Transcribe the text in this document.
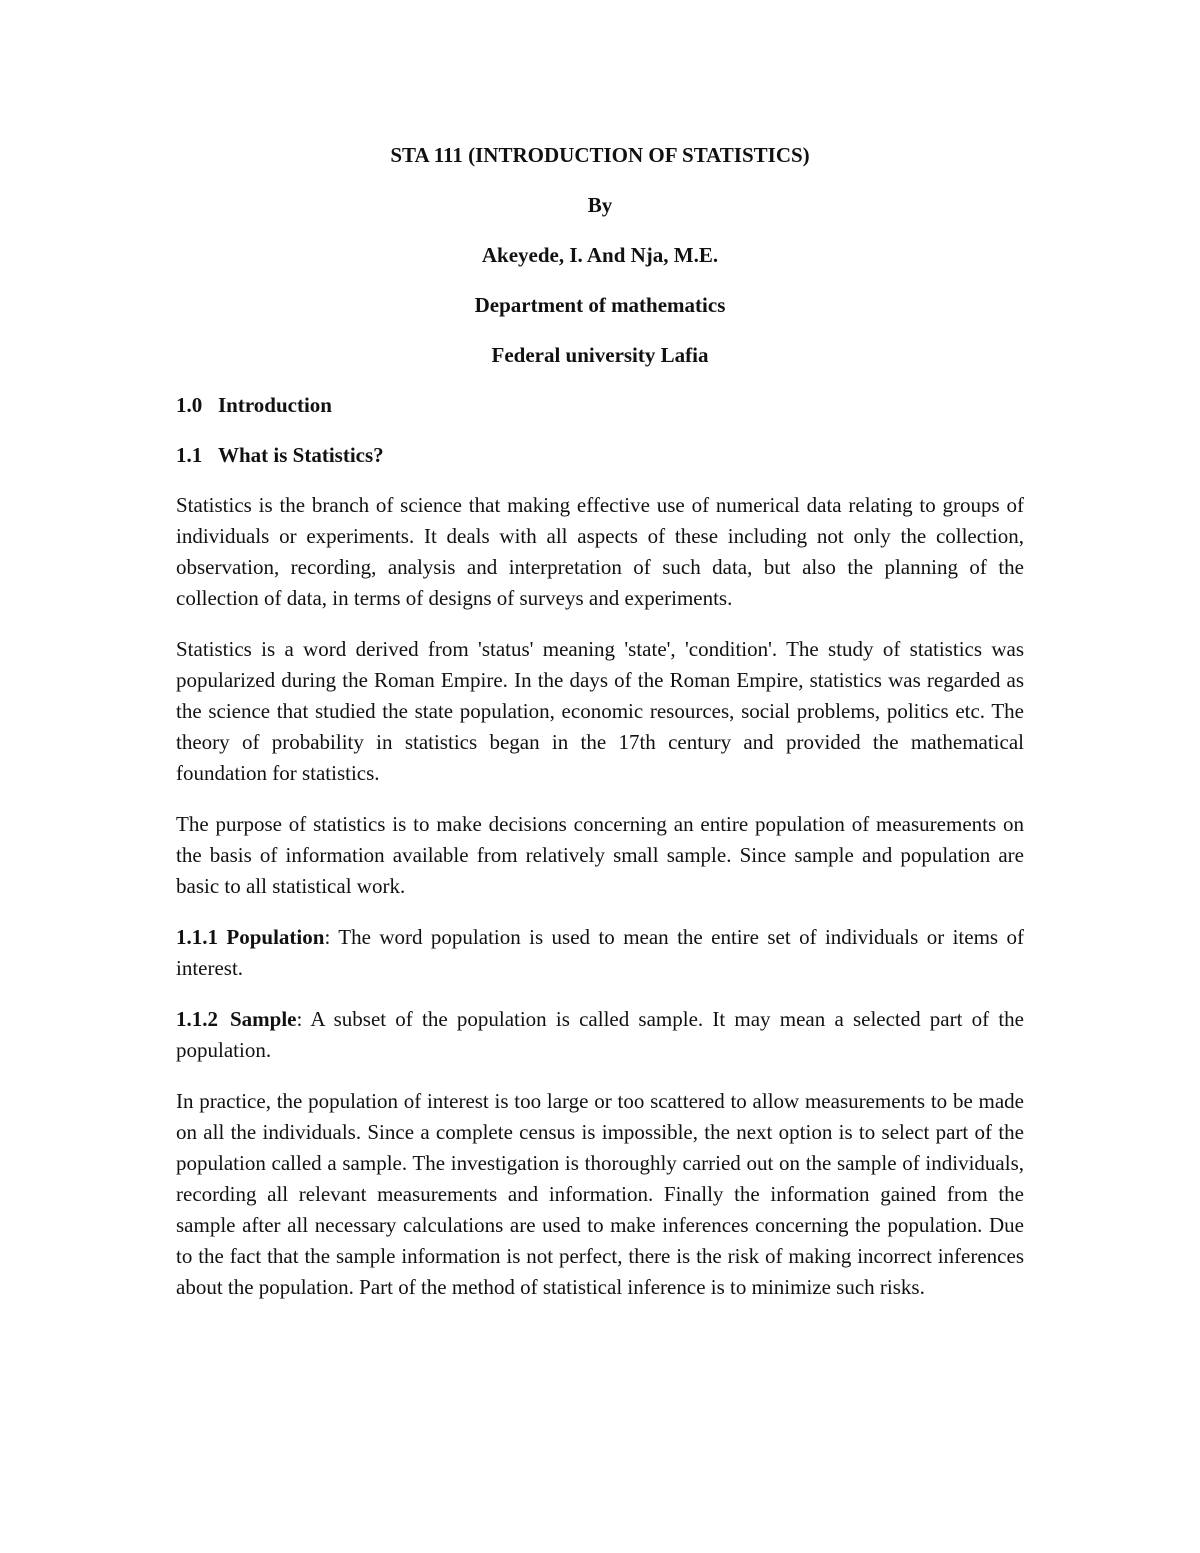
STA 111 (INTRODUCTION OF STATISTICS)

By

Akeyede, I. And Nja, M.E.

Department of mathematics

Federal university Lafia

1.0 Introduction
1.1 What is Statistics?

Statistics is the branch of science that making effective use of numerical data relating to groups of individuals or experiments. It deals with all aspects of these including not only the collection, observation, recording, analysis and interpretation of such data, but also the planning of the collection of data, in terms of designs of surveys and experiments.

Statistics is a word derived from 'status' meaning 'state', 'condition'. The study of statistics was popularized during the Roman Empire. In the days of the Roman Empire, statistics was regarded as the science that studied the state population, economic resources, social problems, politics etc. The theory of probability in statistics began in the 17th century and provided the mathematical foundation for statistics.

The purpose of statistics is to make decisions concerning an entire population of measurements on the basis of information available from relatively small sample. Since sample and population are basic to all statistical work.

1.1.1 Population: The word population is used to mean the entire set of individuals or items of interest.

1.1.2 Sample: A subset of the population is called sample. It may mean a selected part of the population.

In practice, the population of interest is too large or too scattered to allow measurements to be made on all the individuals. Since a complete census is impossible, the next option is to select part of the population called a sample. The investigation is thoroughly carried out on the sample of individuals, recording all relevant measurements and information. Finally the information gained from the sample after all necessary calculations are used to make inferences concerning the population. Due to the fact that the sample information is not perfect, there is the risk of making incorrect inferences about the population. Part of the method of statistical inference is to minimize such risks.
